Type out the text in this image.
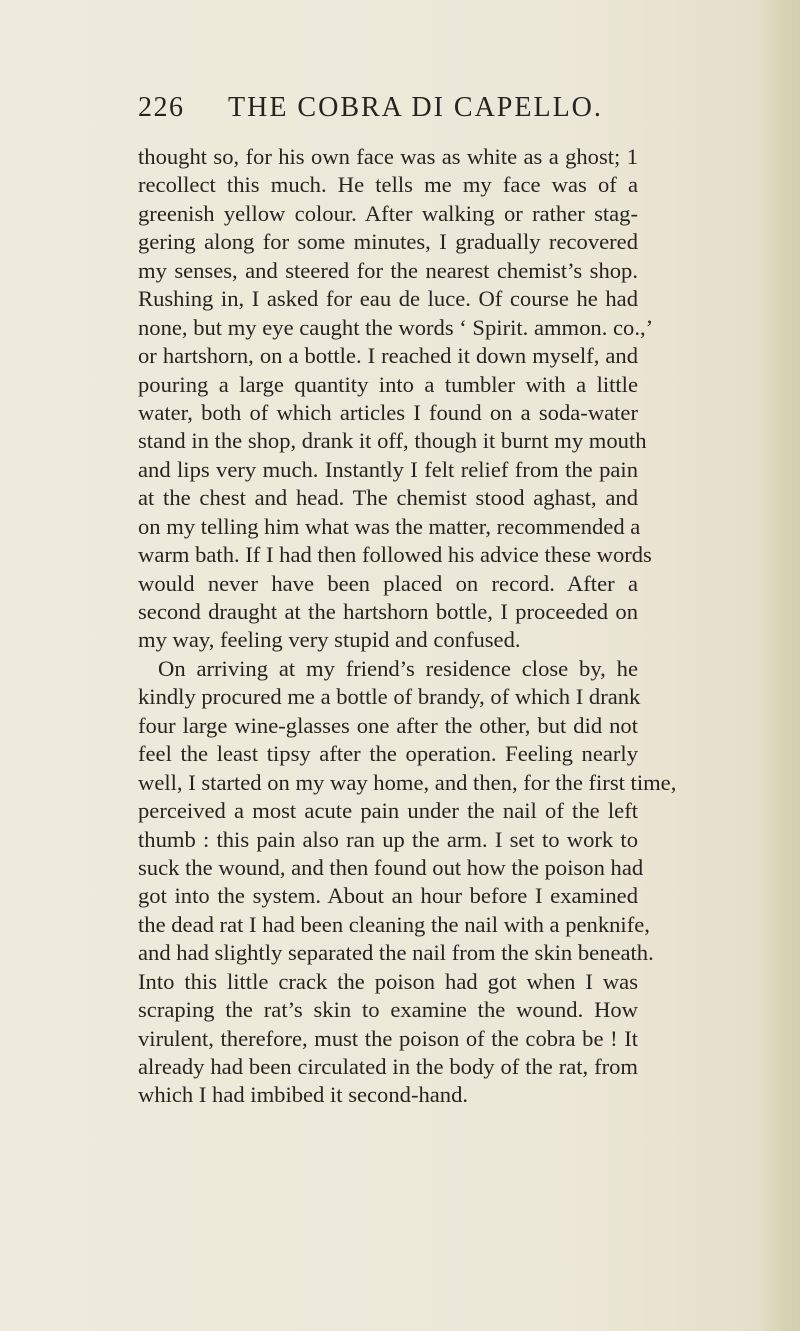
226	THE COBRA DI CAPELLO.
thought so, for his own face was as white as a ghost; 1
recollect this much. He tells me my face was of a
greenish yellow colour. After walking or rather stag-
gering along for some minutes, I gradually recovered
my senses, and steered for the nearest chemist’s shop.
Rushing in, I asked for eau de luce. Of course he had
none, but my eye caught the words ‘ Spirit. ammon. co.,’
or hartshorn, on a bottle. I reached it down myself, and
pouring a large quantity into a tumbler with a little
water, both of which articles I found on a soda-water
stand in the shop, drank it off, though it burnt my mouth
and lips very much. Instantly I felt relief from the pain
at the chest and head. The chemist stood aghast, and
on my telling him what was the matter, recommended a
warm bath. If I had then followed his advice these words
would never have been placed on record. After a
second draught at the hartshorn bottle, I proceeded on
my way, feeling very stupid and confused.
On arriving at my friend’s residence close by, he
kindly procured me a bottle of brandy, of which I drank
four large wine-glasses one after the other, but did not
feel the least tipsy after the operation. Feeling nearly
well, I started on my way home, and then, for the first time,
perceived a most acute pain under the nail of the left
thumb : this pain also ran up the arm. I set to work to
suck the wound, and then found out how the poison had
got into the system. About an hour before I examined
the dead rat I had been cleaning the nail with a penknife,
and had slightly separated the nail from the skin beneath.
Into this little crack the poison had got when I was
scraping the rat’s skin to examine the wound. How
virulent, therefore, must the poison of the cobra be ! It
already had been circulated in the body of the rat, from
which I had imbibed it second-hand.
